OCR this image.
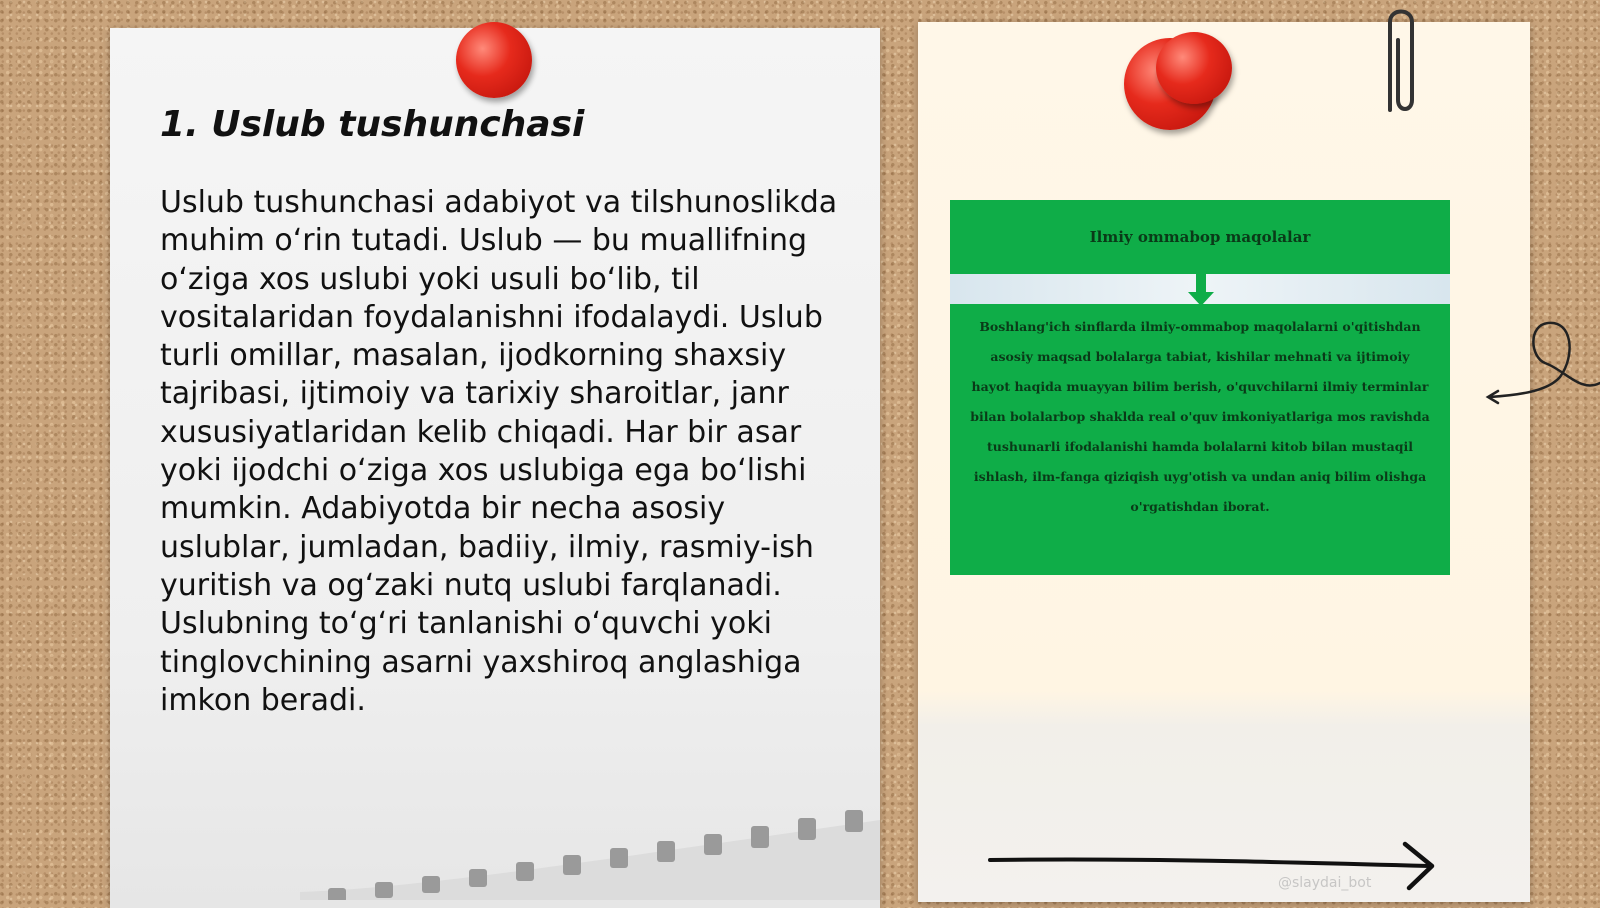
1. Uslub tushunchasi

Uslub tushunchasi adabiyot va tilshunoslikda muhim o‘rin tutadi. Uslub — bu muallifning o‘ziga xos uslubi yoki usuli bo‘lib, til vositalaridan foydalanishni ifodalaydi. Uslub turli omillar, masalan, ijodkorning shaxsiy tajribasi, ijtimoiy va tarixiy sharoitlar, janr xususiyatlaridan kelib chiqadi. Har bir asar yoki ijodchi o‘ziga xos uslubiga ega bo‘lishi mumkin. Adabiyotda bir necha asosiy uslublar, jumladan, badiiy, ilmiy, rasmiy-ish yuritish va og‘zaki nutq uslubi farqlanadi. Uslubning to‘g‘ri tanlanishi o‘quvchi yoki tinglovchining asarni yaxshiroq anglashiga imkon beradi.

Ilmiy ommabop maqolalar

Boshlang'ich sinflarda ilmiy-ommabop maqolalarni o'qitishdan asosiy maqsad bolalarga tabiat, kishilar mehnati va ijtimoiy hayot haqida muayyan bilim berish, o'quvchilarni ilmiy terminlar bilan bolalarbop shaklda real o'quv imkoniyatlariga mos ravishda tushunarli ifodalanishi hamda bolalarni kitob bilan mustaqil ishlash, ilm-fanga qiziqish uyg'otish va undan aniq bilim olishga o'rgatishdan iborat.

@slaydai_bot
